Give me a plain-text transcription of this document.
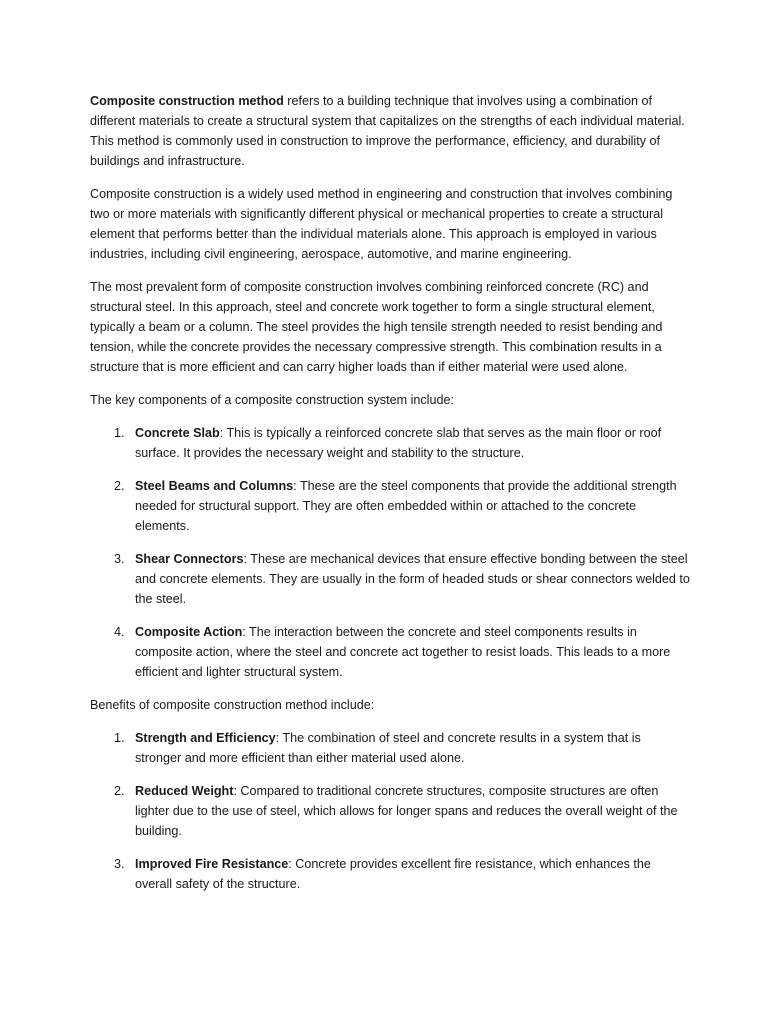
Composite construction method refers to a building technique that involves using a combination of different materials to create a structural system that capitalizes on the strengths of each individual material. This method is commonly used in construction to improve the performance, efficiency, and durability of buildings and infrastructure.

Composite construction is a widely used method in engineering and construction that involves combining two or more materials with significantly different physical or mechanical properties to create a structural element that performs better than the individual materials alone. This approach is employed in various industries, including civil engineering, aerospace, automotive, and marine engineering.

The most prevalent form of composite construction involves combining reinforced concrete (RC) and structural steel. In this approach, steel and concrete work together to form a single structural element, typically a beam or a column. The steel provides the high tensile strength needed to resist bending and tension, while the concrete provides the necessary compressive strength. This combination results in a structure that is more efficient and can carry higher loads than if either material were used alone.

The key components of a composite construction system include:

1. Concrete Slab: This is typically a reinforced concrete slab that serves as the main floor or roof surface. It provides the necessary weight and stability to the structure.
2. Steel Beams and Columns: These are the steel components that provide the additional strength needed for structural support. They are often embedded within or attached to the concrete elements.
3. Shear Connectors: These are mechanical devices that ensure effective bonding between the steel and concrete elements. They are usually in the form of headed studs or shear connectors welded to the steel.
4. Composite Action: The interaction between the concrete and steel components results in composite action, where the steel and concrete act together to resist loads. This leads to a more efficient and lighter structural system.

Benefits of composite construction method include:

1. Strength and Efficiency: The combination of steel and concrete results in a system that is stronger and more efficient than either material used alone.
2. Reduced Weight: Compared to traditional concrete structures, composite structures are often lighter due to the use of steel, which allows for longer spans and reduces the overall weight of the building.
3. Improved Fire Resistance: Concrete provides excellent fire resistance, which enhances the overall safety of the structure.
